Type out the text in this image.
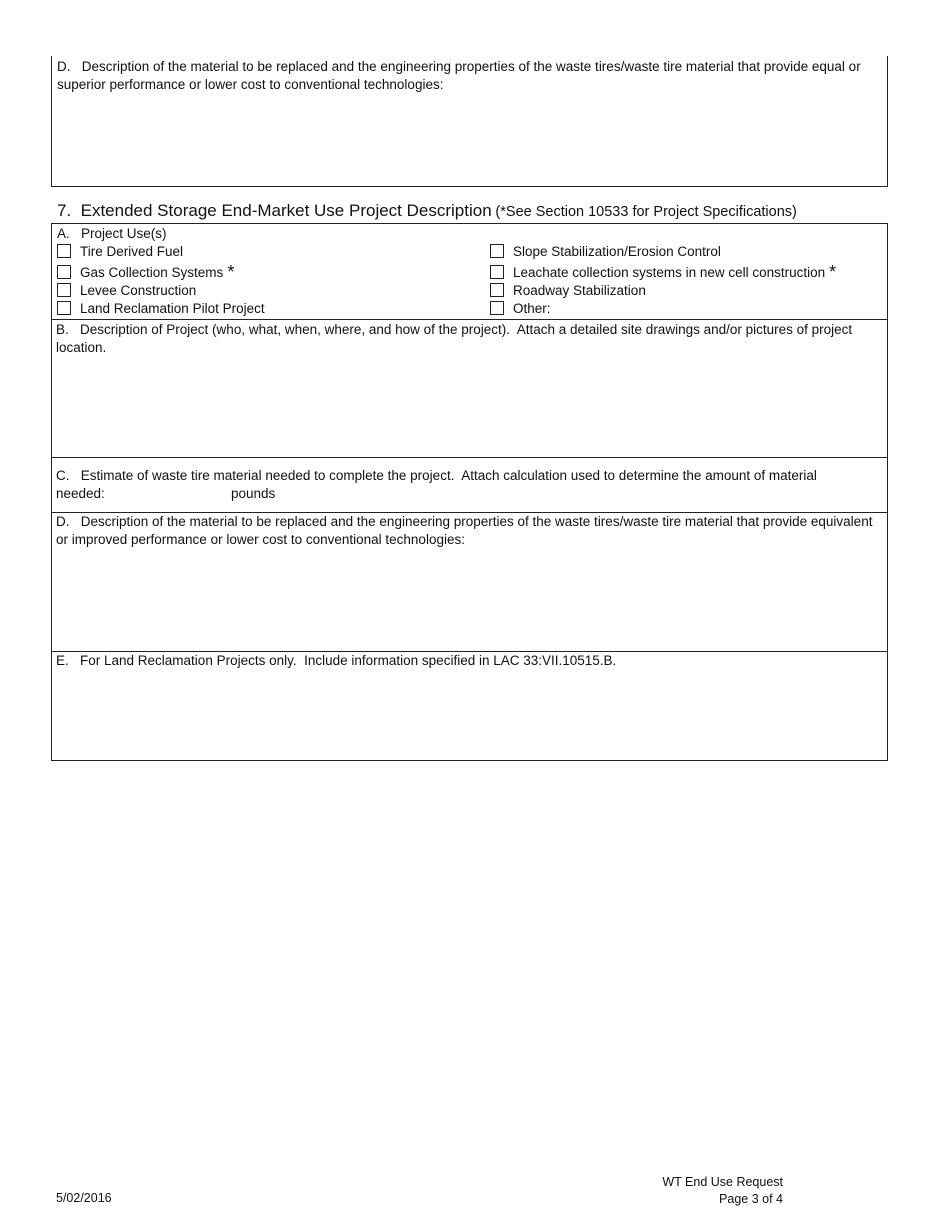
D.   Description of the material to be replaced and the engineering properties of the waste tires/waste tire material that provide equal or superior performance or lower cost to conventional technologies:
7.  Extended Storage End-Market Use Project Description (*See Section 10533 for Project Specifications)
A.   Project Use(s)
Tire Derived Fuel
Gas Collection Systems *
Levee Construction
Land Reclamation Pilot Project
Slope Stabilization/Erosion Control
Leachate collection systems in new cell construction *
Roadway Stabilization
Other:
B.   Description of Project (who, what, when, where, and how of the project).  Attach a detailed site drawings and/or pictures of project location.
C.   Estimate of waste tire material needed to complete the project.  Attach calculation used to determine the amount of material
needed:	pounds
D.   Description of the material to be replaced and the engineering properties of the waste tires/waste tire material that provide equivalent or improved performance or lower cost to conventional technologies:
E.   For Land Reclamation Projects only.  Include information specified in LAC 33:VII.10515.B.
5/02/2016
WT End Use Request
Page 3 of 4
